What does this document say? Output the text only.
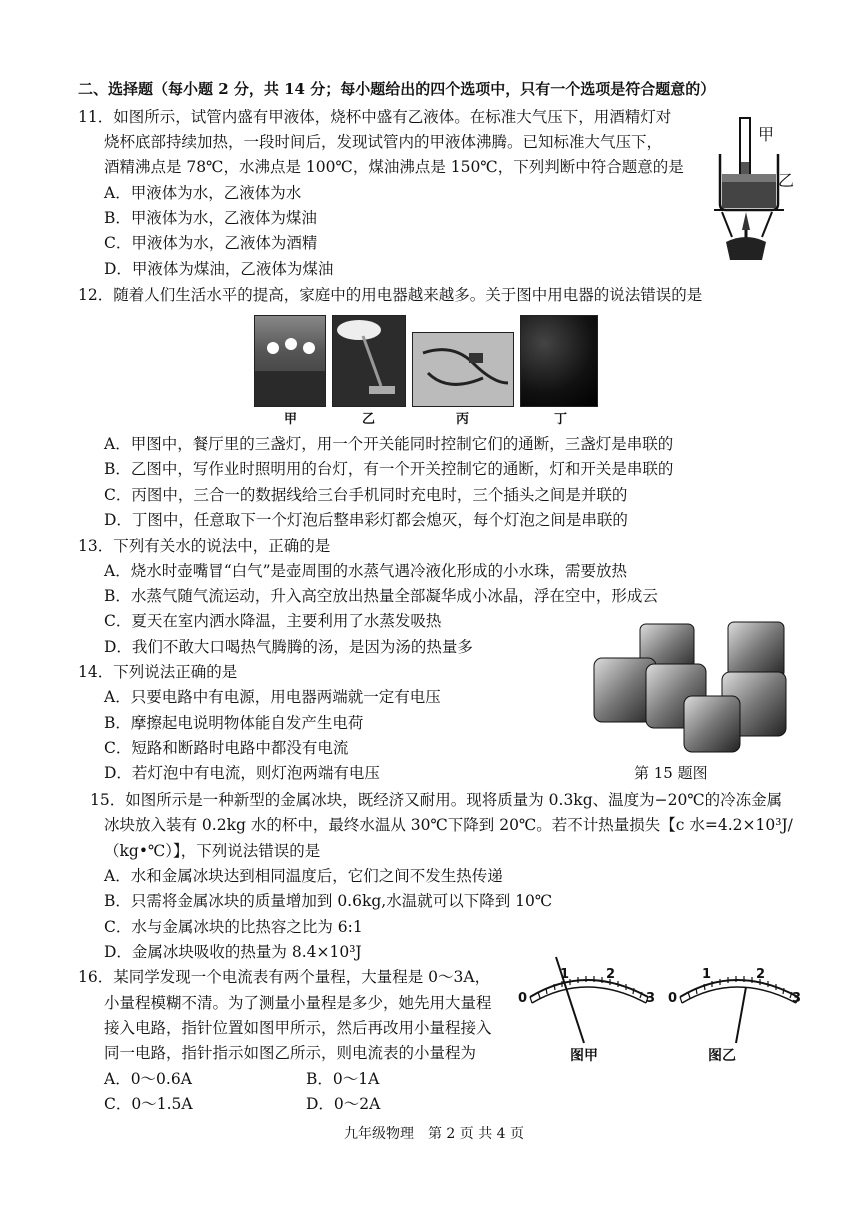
二、选择题（每小题 2 分，共 14 分；每小题给出的四个选项中，只有一个选项是符合题意的）
11．如图所示，试管内盛有甲液体，烧杯中盛有乙液体。在标准大气压下，用酒精灯对
烧杯底部持续加热，一段时间后，发现试管内的甲液体沸腾。已知标准大气压下，
酒精沸点是 78℃，水沸点是 100℃，煤油沸点是 150℃，下列判断中符合题意的是
A．甲液体为水，乙液体为水
B．甲液体为水，乙液体为煤油
C．甲液体为水，乙液体为酒精
D．甲液体为煤油，乙液体为煤油
甲
乙
12．随着人们生活水平的提高，家庭中的用电器越来越多。关于图中用电器的说法错误的是
甲	乙	丙	丁
A．甲图中，餐厅里的三盏灯，用一个开关能同时控制它们的通断，三盏灯是串联的
B．乙图中，写作业时照明用的台灯，有一个开关控制它的通断，灯和开关是串联的
C．丙图中，三合一的数据线给三台手机同时充电时，三个插头之间是并联的
D．丁图中，任意取下一个灯泡后整串彩灯都会熄灭，每个灯泡之间是串联的
13．下列有关水的说法中，正确的是
A．烧水时壶嘴冒“白气”是壶周围的水蒸气遇冷液化形成的小水珠，需要放热
B．水蒸气随气流运动，升入高空放出热量全部凝华成小冰晶，浮在空中，形成云
C．夏天在室内洒水降温，主要利用了水蒸发吸热
D．我们不敢大口喝热气腾腾的汤，是因为汤的热量多
14．下列说法正确的是
A．只要电路中有电源，用电器两端就一定有电压
B．摩擦起电说明物体能自发产生电荷
C．短路和断路时电路中都没有电流
D．若灯泡中有电流，则灯泡两端有电压	第 15 题图
15．如图所示是一种新型的金属冰块，既经济又耐用。现将质量为 0.3kg、温度为−20℃的冷冻金属
冰块放入装有 0.2kg 水的杯中，最终水温从 30℃下降到 20℃。若不计热量损失【c 水=4.2×10³J/
（kg•℃）】，下列说法错误的是
A．水和金属冰块达到相同温度后，它们之间不发生热传递
B．只需将金属冰块的质量增加到 0.6kg,水温就可以下降到 10℃
C．水与金属冰块的比热容之比为 6:1
D．金属冰块吸收的热量为 8.4×10³J
16．某同学发现一个电流表有两个量程，大量程是 0～3A，
小量程模糊不清。为了测量小量程是多少，她先用大量程
接入电路，指针位置如图甲所示，然后再改用小量程接入
同一电路，指针指示如图乙所示，则电流表的小量程为
A．0～0.6A	B．0～1A
C．0～1.5A	D．0～2A
0
1	2
3
图甲
0
1	2
3
图乙
九年级物理　第 2 页 共 4 页
